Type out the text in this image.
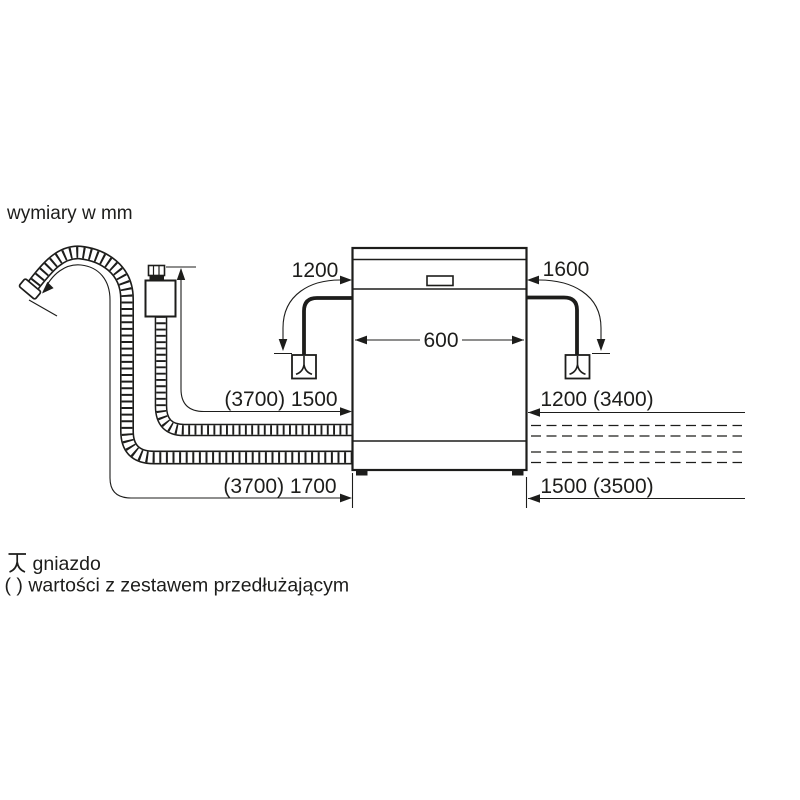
wymiary w mm
1200	1600
600
(3700) 1500	1200 (3400)
(3700) 1700	1500 (3500)
gniazdo
( ) wartości z zestawem przedłużającym
